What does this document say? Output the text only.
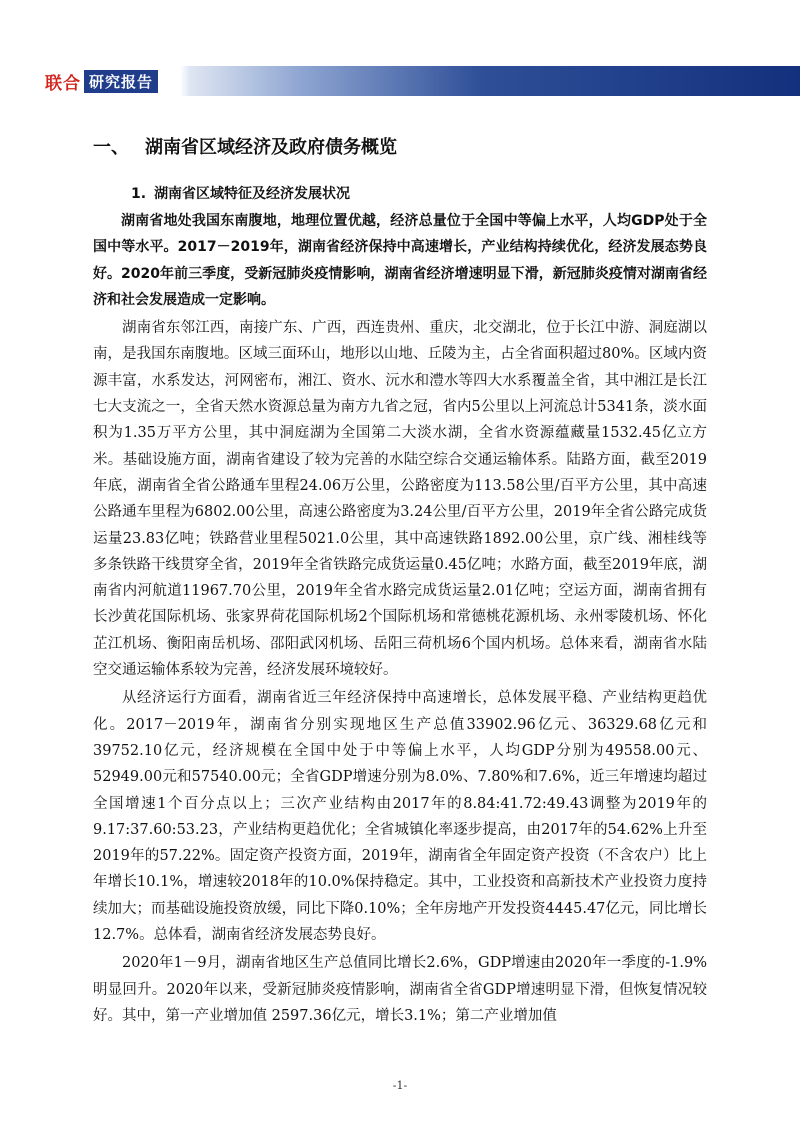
联合 研究报告
一、 湖南省区域经济及政府债务概览
1. 湖南省区域特征及经济发展状况

湖南省地处我国东南腹地，地理位置优越，经济总量位于全国中等偏上水平，人均GDP处于全国中等水平。2017－2019年，湖南省经济保持中高速增长，产业结构持续优化，经济发展态势良好。2020年前三季度，受新冠肺炎疫情影响，湖南省经济增速明显下滑，新冠肺炎疫情对湖南省经济和社会发展造成一定影响。

湖南省东邻江西，南接广东、广西，西连贵州、重庆，北交湖北，位于长江中游、洞庭湖以南，是我国东南腹地。区域三面环山，地形以山地、丘陵为主，占全省面积超过80%。区域内资源丰富，水系发达，河网密布，湘江、资水、沅水和澧水等四大水系覆盖全省，其中湘江是长江七大支流之一，全省天然水资源总量为南方九省之冠，省内5公里以上河流总计5341条，淡水面积为1.35万平方公里，其中洞庭湖为全国第二大淡水湖，全省水资源蕴藏量1532.45亿立方米。基础设施方面，湖南省建设了较为完善的水陆空综合交通运输体系。陆路方面，截至2019年底，湖南省全省公路通车里程24.06万公里，公路密度为113.58公里/百平方公里，其中高速公路通车里程为6802.00公里，高速公路密度为3.24公里/百平方公里，2019年全省公路完成货运量23.83亿吨；铁路营业里程5021.0公里，其中高速铁路1892.00公里，京广线、湘桂线等多条铁路干线贯穿全省，2019年全省铁路完成货运量0.45亿吨；水路方面，截至2019年底，湖南省内河航道11967.70公里，2019年全省水路完成货运量2.01亿吨；空运方面，湖南省拥有长沙黄花国际机场、张家界荷花国际机场2个国际机场和常德桃花源机场、永州零陵机场、怀化芷江机场、衡阳南岳机场、邵阳武冈机场、岳阳三荷机场6个国内机场。总体来看，湖南省水陆空交通运输体系较为完善，经济发展环境较好。

从经济运行方面看，湖南省近三年经济保持中高速增长，总体发展平稳、产业结构更趋优化。2017－2019年，湖南省分别实现地区生产总值33902.96亿元、36329.68亿元和39752.10亿元，经济规模在全国中处于中等偏上水平，人均GDP分别为49558.00元、52949.00元和57540.00元；全省GDP增速分别为8.0%、7.80%和7.6%，近三年增速均超过全国增速1个百分点以上；三次产业结构由2017年的8.84:41.72:49.43调整为2019年的9.17:37.60:53.23，产业结构更趋优化；全省城镇化率逐步提高，由2017年的54.62%上升至2019年的57.22%。固定资产投资方面，2019年，湖南省全年固定资产投资（不含农户）比上年增长10.1%，增速较2018年的10.0%保持稳定。其中，工业投资和高新技术产业投资力度持续加大；而基础设施投资放缓，同比下降0.10%；全年房地产开发投资4445.47亿元，同比增长12.7%。总体看，湖南省经济发展态势良好。

2020年1－9月，湖南省地区生产总值同比增长2.6%，GDP增速由2020年一季度的-1.9%明显回升。2020年以来，受新冠肺炎疫情影响，湖南省全省GDP增速明显下滑，但恢复情况较好。其中，第一产业增加值 2597.36亿元，增长3.1%；第二产业增加值

-1-
